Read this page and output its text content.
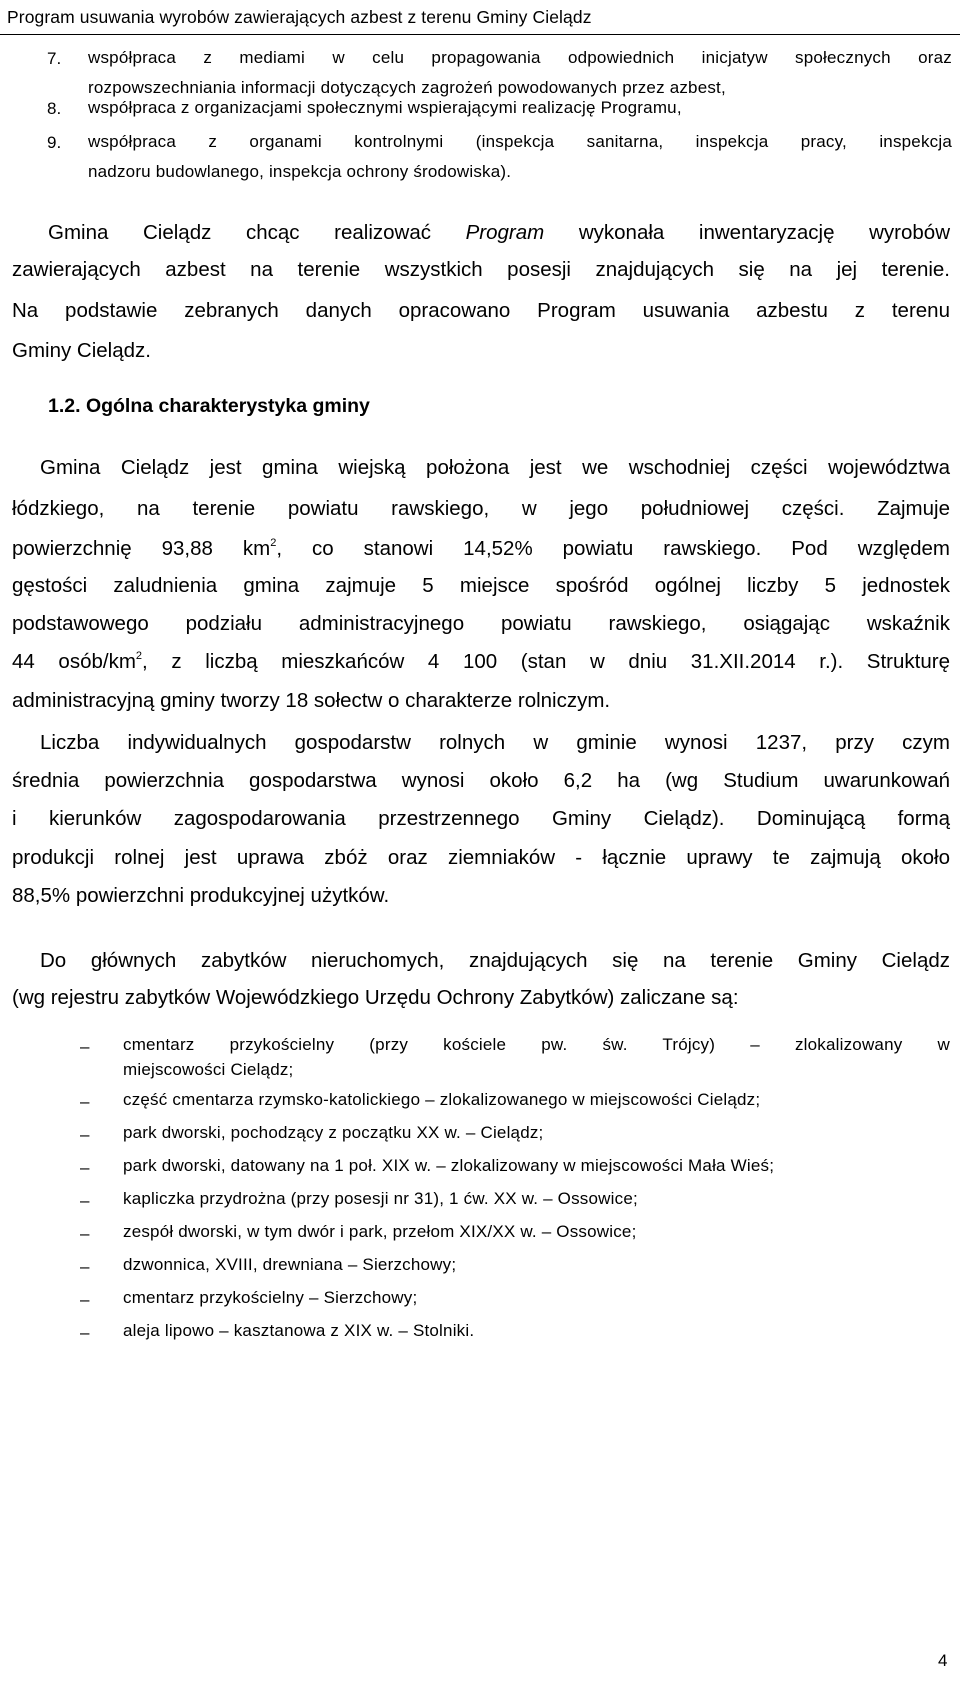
Program usuwania wyrobów zawierających azbest z terenu Gminy Cielądz
7. współpraca z mediami w celu propagowania odpowiednich inicjatyw społecznych oraz
rozpowszechniania informacji dotyczących zagrożeń powodowanych przez azbest,
8. współpraca z organizacjami społecznymi wspierającymi realizację Programu,
9. współpraca z organami kontrolnymi (inspekcja sanitarna, inspekcja pracy, inspekcja
nadzoru budowlanego, inspekcja ochrony środowiska).
Gmina Cielądz chcąc realizować Program wykonała inwentaryzację wyrobów
zawierających azbest na terenie wszystkich posesji znajdujących się na jej terenie.
Na podstawie zebranych danych opracowano Program usuwania azbestu z terenu
Gminy Cielądz.
1.2. Ogólna charakterystyka gminy
Gmina Cielądz jest gmina wiejską położona jest we wschodniej części województwa
łódzkiego, na terenie powiatu rawskiego, w jego południowej części. Zajmuje
powierzchnię 93,88 $km^2$, co stanowi 14,52% powiatu rawskiego. Pod względem
gęstości zaludnienia gmina zajmuje 5 miejsce spośród ogólnej liczby 5 jednostek
podstawowego podziału administracyjnego powiatu rawskiego, osiągając wskaźnik
44 osób/$km^2$, z liczbą mieszkańców 4 100 (stan w dniu 31.XII.2014 r.). Strukturę
administracyjną gminy tworzy 18 sołectw o charakterze rolniczym.
Liczba indywidualnych gospodarstw rolnych w gminie wynosi 1237, przy czym
średnia powierzchnia gospodarstwa wynosi około 6,2 ha (wg Studium uwarunkowań
i kierunków zagospodarowania przestrzennego Gminy Cielądz). Dominującą formą
produkcji rolnej jest uprawa zbóż oraz ziemniaków - łącznie uprawy te zajmują około
88,5% powierzchni produkcyjnej użytków.
Do głównych zabytków nieruchomych, znajdujących się na terenie Gminy Cielądz
(wg rejestru zabytków Wojewódzkiego Urzędu Ochrony Zabytków) zaliczane są:
– cmentarz przykościelny (przy kościele pw. św. Trójcy) – zlokalizowany w
miejscowości Cielądz;
– część cmentarza rzymsko-katolickiego – zlokalizowanego w miejscowości Cielądz;
– park dworski, pochodzący z początku XX w. – Cielądz;
– park dworski, datowany na 1 poł. XIX w. – zlokalizowany w miejscowości Mała Wieś;
– kapliczka przydrożna (przy posesji nr 31), 1 ćw. XX w. – Ossowice;
– zespół dworski, w tym dwór i park, przełom XIX/XX w. – Ossowice;
– dzwonnica, XVIII, drewniana – Sierzchowy;
– cmentarz przykościelny – Sierzchowy;
– aleja lipowo – kasztanowa z XIX w. – Stolniki.
4
